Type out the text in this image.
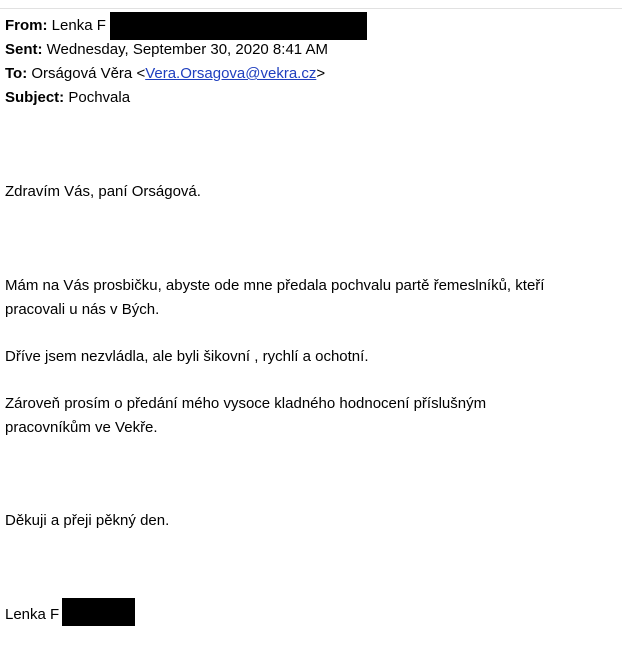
From: Lenka F
Sent: Wednesday, September 30, 2020 8:41 AM
To: Orságová Věra <Vera.Orsagova@vekra.cz>
Subject: Pochvala
Zdravím Vás, paní Orságová.
Mám na Vás prosbičku, abyste ode mne předala pochvalu partě řemeslníků, kteří
pracovali u nás v Bých.
Dříve jsem nezvládla, ale byli šikovní , rychlí a ochotní.
Zároveň prosím o předání mého vysoce kladného hodnocení příslušným
pracovníkům ve Vekře.
Děkuji a přeji pěkný den.
Lenka F
